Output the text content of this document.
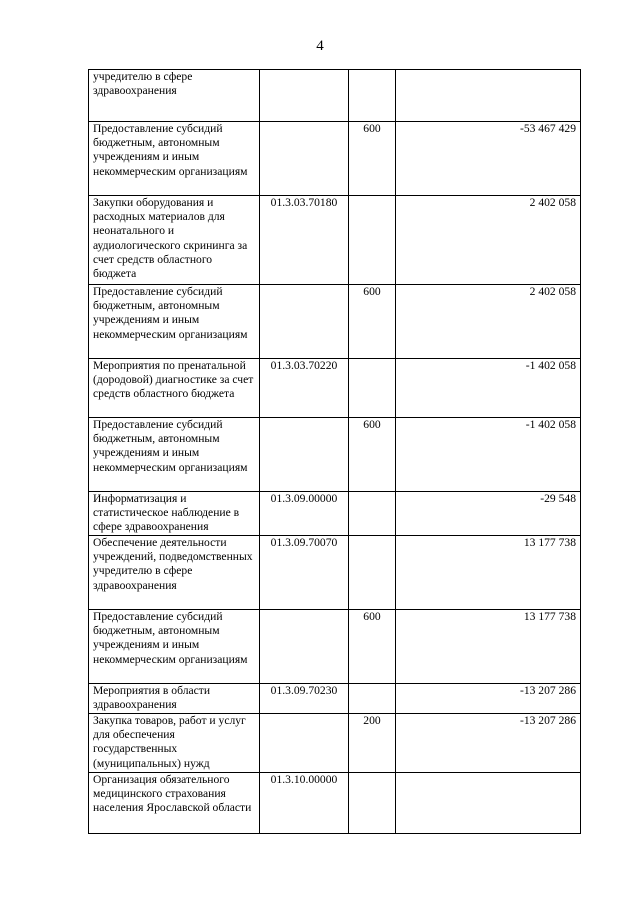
4
учредителю в сфере здравоохранения			
Предоставление субсидий бюджетным, автономным учреждениям и иным некоммерческим организациям		600	-53 467 429
Закупки оборудования и расходных материалов для неонатального и аудиологического скрининга за счет средств областного бюджета	01.3.03.70180		2 402 058
Предоставление субсидий бюджетным, автономным учреждениям и иным некоммерческим организациям		600	2 402 058
Мероприятия по пренатальной (дородовой) диагностике за счет средств областного бюджета	01.3.03.70220		-1 402 058
Предоставление субсидий бюджетным, автономным учреждениям и иным некоммерческим организациям		600	-1 402 058
Информатизация и статистическое наблюдение в сфере здравоохранения	01.3.09.00000		-29 548
Обеспечение деятельности учреждений, подведомственных учредителю в сфере здравоохранения	01.3.09.70070		13 177 738
Предоставление субсидий бюджетным, автономным учреждениям и иным некоммерческим организациям		600	13 177 738
Мероприятия в области здравоохранения	01.3.09.70230		-13 207 286
Закупка товаров, работ и услуг для обеспечения государственных (муниципальных) нужд		200	-13 207 286
Организация обязательного медицинского страхования населения Ярославской области	01.3.10.00000		
